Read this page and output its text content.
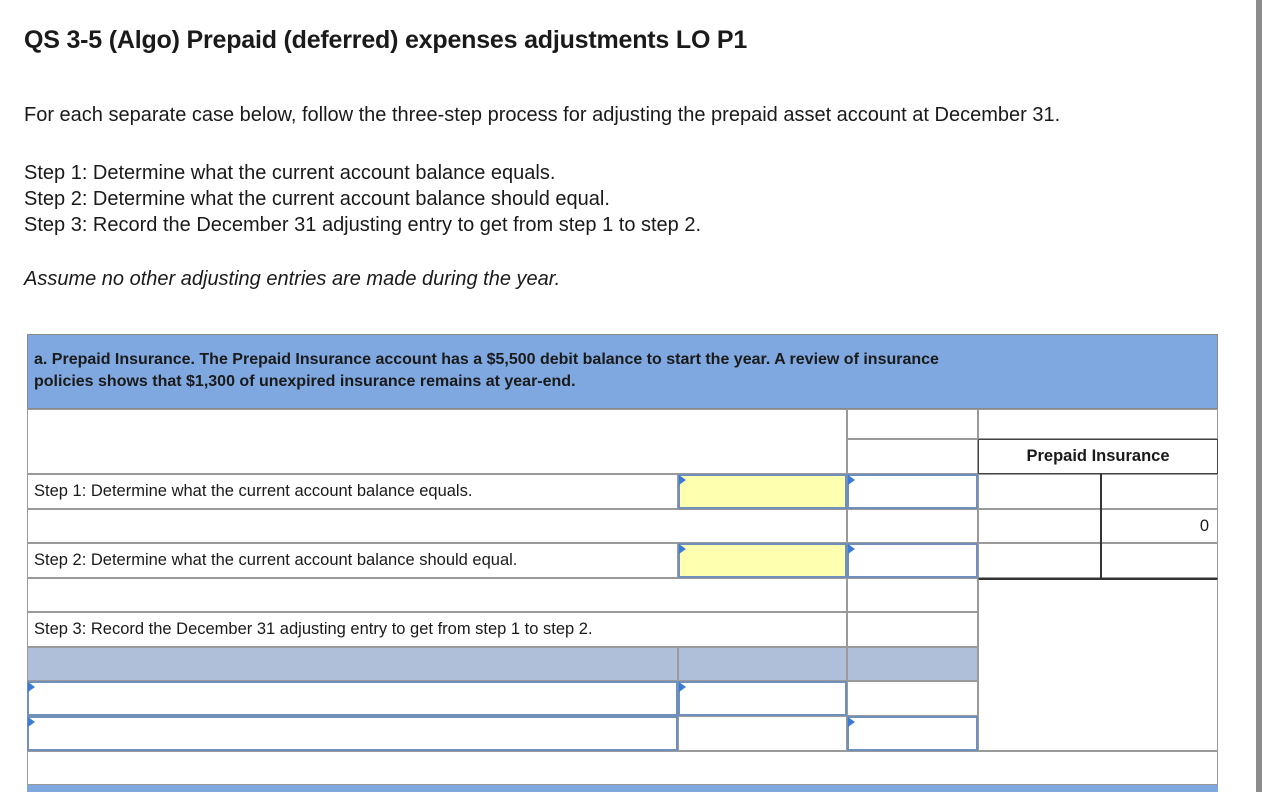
QS 3-5 (Algo) Prepaid (deferred) expenses adjustments LO P1
For each separate case below, follow the three-step process for adjusting the prepaid asset account at December 31.
Step 1: Determine what the current account balance equals.
Step 2: Determine what the current account balance should equal.
Step 3: Record the December 31 adjusting entry to get from step 1 to step 2.
Assume no other adjusting entries are made during the year.
a. Prepaid Insurance. The Prepaid Insurance account has a $5,500 debit balance to start the year. A review of insurance
policies shows that $1,300 of unexpired insurance remains at year-end.
Step 1: Determine what the current account balance equals.
Step 2: Determine what the current account balance should equal.
Step 3: Record the December 31 adjusting entry to get from step 1 to step 2.
Prepaid Insurance
0
